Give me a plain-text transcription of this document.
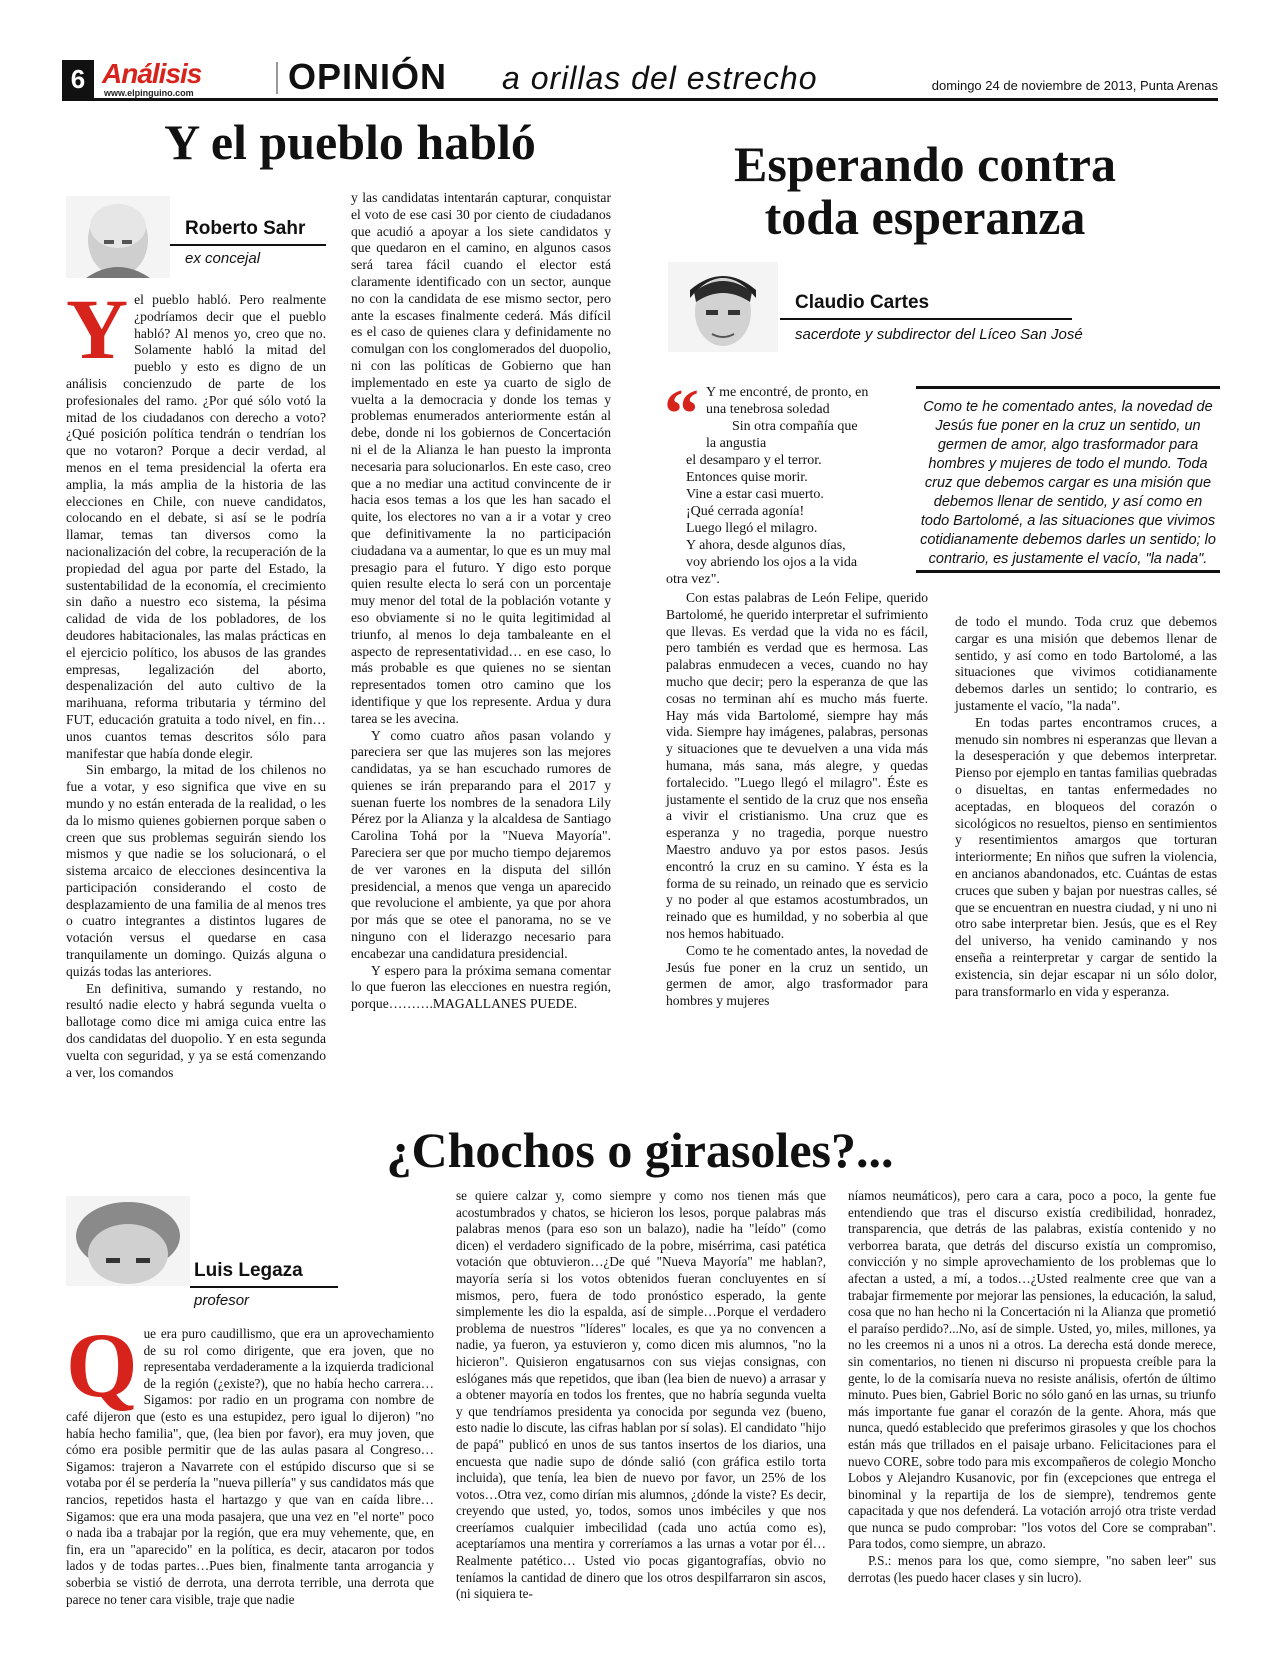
6 Análisis
www.elpinguino.com	OPINIÓN a orillas del estrecho	domingo 24 de noviembre de 2013, Punta Arenas
Y el pueblo habló
Roberto Sahr
ex concejal
Y el pueblo habló. Pero realmente ¿podríamos decir que el pueblo habló? Al menos yo, creo que no. Solamente habló la mitad del pueblo y esto es digno de un análisis concienzudo de parte de los profesionales del ramo. ¿Por qué sólo votó la mitad de los ciudadanos con derecho a voto? ¿Qué posición política tendrán o tendrían los que no votaron? Porque a decir verdad, al menos en el tema presidencial la oferta era amplia, la más amplia de la historia de las elecciones en Chile, con nueve candidatos, colocando en el debate, si así se le podría llamar, temas tan diversos como la nacionalización del cobre, la recuperación de la propiedad del agua por parte del Estado, la sustentabilidad de la economía, el crecimiento sin daño a nuestro eco sistema, la pésima calidad de vida de los pobladores, de los deudores habitacionales, las malas prácticas en el ejercicio político, los abusos de las grandes empresas, legalización del aborto, despenalización del auto cultivo de la marihuana, reforma tributaria y término del FUT, educación gratuita a todo nivel, en fin… unos cuantos temas descritos sólo para manifestar que había donde elegir.

Sin embargo, la mitad de los chilenos no fue a votar, y eso significa que vive en su mundo y no están enterada de la realidad, o les da lo mismo quienes gobiernen porque saben o creen que sus problemas seguirán siendo los mismos y que nadie se los solucionará, o el sistema arcaico de elecciones desincentiva la participación considerando el costo de desplazamiento de una familia de al menos tres o cuatro integrantes a distintos lugares de votación versus el quedarse en casa tranquilamente un domingo. Quizás alguna o quizás todas las anteriores.

En definitiva, sumando y restando, no resultó nadie electo y habrá segunda vuelta o ballotage como dice mi amiga cuica entre las dos candidatas del duopolio. Y en esta segunda vuelta con seguridad, y ya se está comenzando a ver, los comandos

y las candidatas intentarán capturar, conquistar el voto de ese casi 30 por ciento de ciudadanos que acudió a apoyar a los siete candidatos y que quedaron en el camino, en algunos casos será tarea fácil cuando el elector está claramente identificado con un sector, aunque no con la candidata de ese mismo sector, pero ante la escases finalmente cederá. Más difícil es el caso de quienes clara y definidamente no comulgan con los conglomerados del duopolio, ni con las políticas de Gobierno que han implementado en este ya cuarto de siglo de vuelta a la democracia y donde los temas y problemas enumerados anteriormente están al debe, donde ni los gobiernos de Concertación ni el de la Alianza le han puesto la impronta necesaria para solucionarlos. En este caso, creo que a no mediar una actitud convincente de ir hacia esos temas a los que les han sacado el quite, los electores no van a ir a votar y creo que definitivamente la no participación ciudadana va a aumentar, lo que es un muy mal presagio para el futuro. Y digo esto porque quien resulte electa lo será con un porcentaje muy menor del total de la población votante y eso obviamente si no le quita legitimidad al triunfo, al menos lo deja tambaleante en el aspecto de representatividad… en ese caso, lo más probable es que quienes no se sientan representados tomen otro camino que los identifique y que los represente. Ardua y dura tarea se les avecina.

Y como cuatro años pasan volando y pareciera ser que las mujeres son las mejores candidatas, ya se han escuchado rumores de quienes se irán preparando para el 2017 y suenan fuerte los nombres de la senadora Lily Pérez por la Alianza y la alcaldesa de Santiago Carolina Tohá por la "Nueva Mayoría". Pareciera ser que por mucho tiempo dejaremos de ver varones en la disputa del sillón presidencial, a menos que venga un aparecido que revolucione el ambiente, ya que por ahora por más que se otee el panorama, no se ve ninguno con el liderazgo necesario para encabezar una candidatura presidencial.

Y espero para la próxima semana comentar lo que fueron las elecciones en nuestra región, porque……….MAGALLANES PUEDE.

Esperando contra toda esperanza
Claudio Cartes
sacerdote y subdirector del Líceo San José
“ Y me encontré, de pronto, en
una tenebrosa soledad
Sin otra compañía que
la angustia
el desamparo y el terror.
Entonces quise morir.
Vine a estar casi muerto.
¡Qué cerrada agonía!
Luego llegó el milagro.
Y ahora, desde algunos días,
voy abriendo los ojos a la vida
otra vez".
Como te he comentado antes, la novedad de Jesús fue poner en la cruz un sentido, un germen de amor, algo trasformador para hombres y mujeres de todo el mundo. Toda cruz que debemos cargar es una misión que debemos llenar de sentido, y así como en todo Bartolomé, a las situaciones que vivimos cotidianamente debemos darles un sentido; lo contrario, es justamente el vacío, "la nada".

Con estas palabras de León Felipe, querido Bartolomé, he querido interpretar el sufrimiento que llevas. Es verdad que la vida no es fácil, pero también es verdad que es hermosa. Las palabras enmudecen a veces, cuando no hay mucho que decir; pero la esperanza de que las cosas no terminan ahí es mucho más fuerte. Hay más vida Bartolomé, siempre hay más vida. Siempre hay imágenes, palabras, personas y situaciones que te devuelven a una vida más humana, más sana, más alegre, y quedas fortalecido. "Luego llegó el milagro". Éste es justamente el sentido de la cruz que nos enseña a vivir el cristianismo. Una cruz que es esperanza y no tragedia, porque nuestro Maestro anduvo ya por estos pasos. Jesús encontró la cruz en su camino. Y ésta es la forma de su reinado, un reinado que es servicio y no poder al que estamos acostumbrados, un reinado que es humildad, y no soberbia al que nos hemos habituado.

Como te he comentado antes, la novedad de Jesús fue poner en la cruz un sentido, un germen de amor, algo trasformador para hombres y mujeres

de todo el mundo. Toda cruz que debemos cargar es una misión que debemos llenar de sentido, y así como en todo Bartolomé, a las situaciones que vivimos cotidianamente debemos darles un sentido; lo contrario, es justamente el vacío, "la nada".

En todas partes encontramos cruces, a menudo sin nombres ni esperanzas que llevan a la desesperación y que debemos interpretar. Pienso por ejemplo en tantas familias quebradas o disueltas, en tantas enfermedades no aceptadas, en bloqueos del corazón o sicológicos no resueltos, pienso en sentimientos y resentimientos amargos que torturan interiormente; En niños que sufren la violencia, en ancianos abandonados, etc. Cuántas de estas cruces que suben y bajan por nuestras calles, sé que se encuentran en nuestra ciudad, y ni uno ni otro sabe interpretar bien. Jesús, que es el Rey del universo, ha venido caminando y nos enseña a reinterpretar y cargar de sentido la existencia, sin dejar escapar ni un sólo dolor, para transformarlo en vida y esperanza.

¿Chochos o girasoles?...
Luis Legaza
profesor
Q ue era puro caudillismo, que era un aprovechamiento de su rol como dirigente, que era joven, que no representaba verdaderamente a la izquierda tradicional de la región (¿existe?), que no había hecho carrera… Sigamos: por radio en un programa con nombre de café dijeron que (esto es una estupidez, pero igual lo dijeron) "no había hecho familia", que, (lea bien por favor), era muy joven, que cómo era posible permitir que de las aulas pasara al Congreso…Sigamos: trajeron a Navarrete con el estúpido discurso que si se votaba por él se perdería la "nueva pillería" y sus candidatos más que rancios, repetidos hasta el hartazgo y que van en caída libre… Sigamos: que era una moda pasajera, que una vez en "el norte" poco o nada iba a trabajar por la región, que era muy vehemente, que, en fin, era un "aparecido" en la política, es decir, atacaron por todos lados y de todas partes…Pues bien, finalmente tanta arrogancia y soberbia se vistió de derrota, una derrota terrible, una derrota que parece no tener cara visible, traje que nadie

se quiere calzar y, como siempre y como nos tienen más que acostumbrados y chatos, se hicieron los lesos, porque palabras más palabras menos (para eso son un balazo), nadie ha "leído" (como dicen) el verdadero significado de la pobre, misérrima, casi patética votación que obtuvieron…¿De qué "Nueva Mayoría" me hablan?, mayoría sería si los votos obtenidos fueran concluyentes en sí mismos, pero, fuera de todo pronóstico esperado, la gente simplemente les dio la espalda, así de simple…Porque el verdadero problema de nuestros "líderes" locales, es que ya no convencen a nadie, ya fueron, ya estuvieron y, como dicen mis alumnos, "no la hicieron". Quisieron engatusarnos con sus viejas consignas, con eslóganes más que repetidos, que iban (lea bien de nuevo) a arrasar y a obtener mayoría en todos los frentes, que no habría segunda vuelta y que tendríamos presidenta ya conocida por segunda vez (bueno, esto nadie lo discute, las cifras hablan por sí solas). El candidato "hijo de papá" publicó en unos de sus tantos insertos de los diarios, una encuesta que nadie supo de dónde salió (con gráfica estilo torta incluida), que tenía, lea bien de nuevo por favor, un 25% de los votos…Otra vez, como dirían mis alumnos, ¿dónde la viste? Es decir, creyendo que usted, yo, todos, somos unos imbéciles y que nos creeríamos cualquier imbecilidad (cada uno actúa como es), aceptaríamos una mentira y correríamos a las urnas a votar por él…Realmente patético… Usted vio pocas gigantografías, obvio no teníamos la cantidad de dinero que los otros despilfarraron sin ascos, (ni siquiera te-

níamos neumáticos), pero cara a cara, poco a poco, la gente fue entendiendo que tras el discurso existía credibilidad, honradez, transparencia, que detrás de las palabras, existía contenido y no verborrea barata, que detrás del discurso existía un compromiso, convicción y no simple aprovechamiento de los problemas que lo afectan a usted, a mí, a todos…¿Usted realmente cree que van a trabajar firmemente por mejorar las pensiones, la educación, la salud, cosa que no han hecho ni la Concertación ni la Alianza que prometió el paraíso perdido?...No, así de simple. Usted, yo, miles, millones, ya no les creemos ni a unos ni a otros. La derecha está donde merece, sin comentarios, no tienen ni discurso ni propuesta creíble para la gente, lo de la comisaría nueva no resiste análisis, ofertón de último minuto. Pues bien, Gabriel Boric no sólo ganó en las urnas, su triunfo más importante fue ganar el corazón de la gente. Ahora, más que nunca, quedó establecido que preferimos girasoles y que los chochos están más que trillados en el paisaje urbano. Felicitaciones para el nuevo CORE, sobre todo para mis excompañeros de colegio Moncho Lobos y Alejandro Kusanovic, por fin (excepciones que entrega el binominal y la repartija de los de siempre), tendremos gente capacitada y que nos defenderá. La votación arrojó otra triste verdad que nunca se pudo comprobar: "los votos del Core se compraban". Para todos, como siempre, un abrazo.

P.S.: menos para los que, como siempre, "no saben leer" sus derrotas (les puedo hacer clases y sin lucro).
